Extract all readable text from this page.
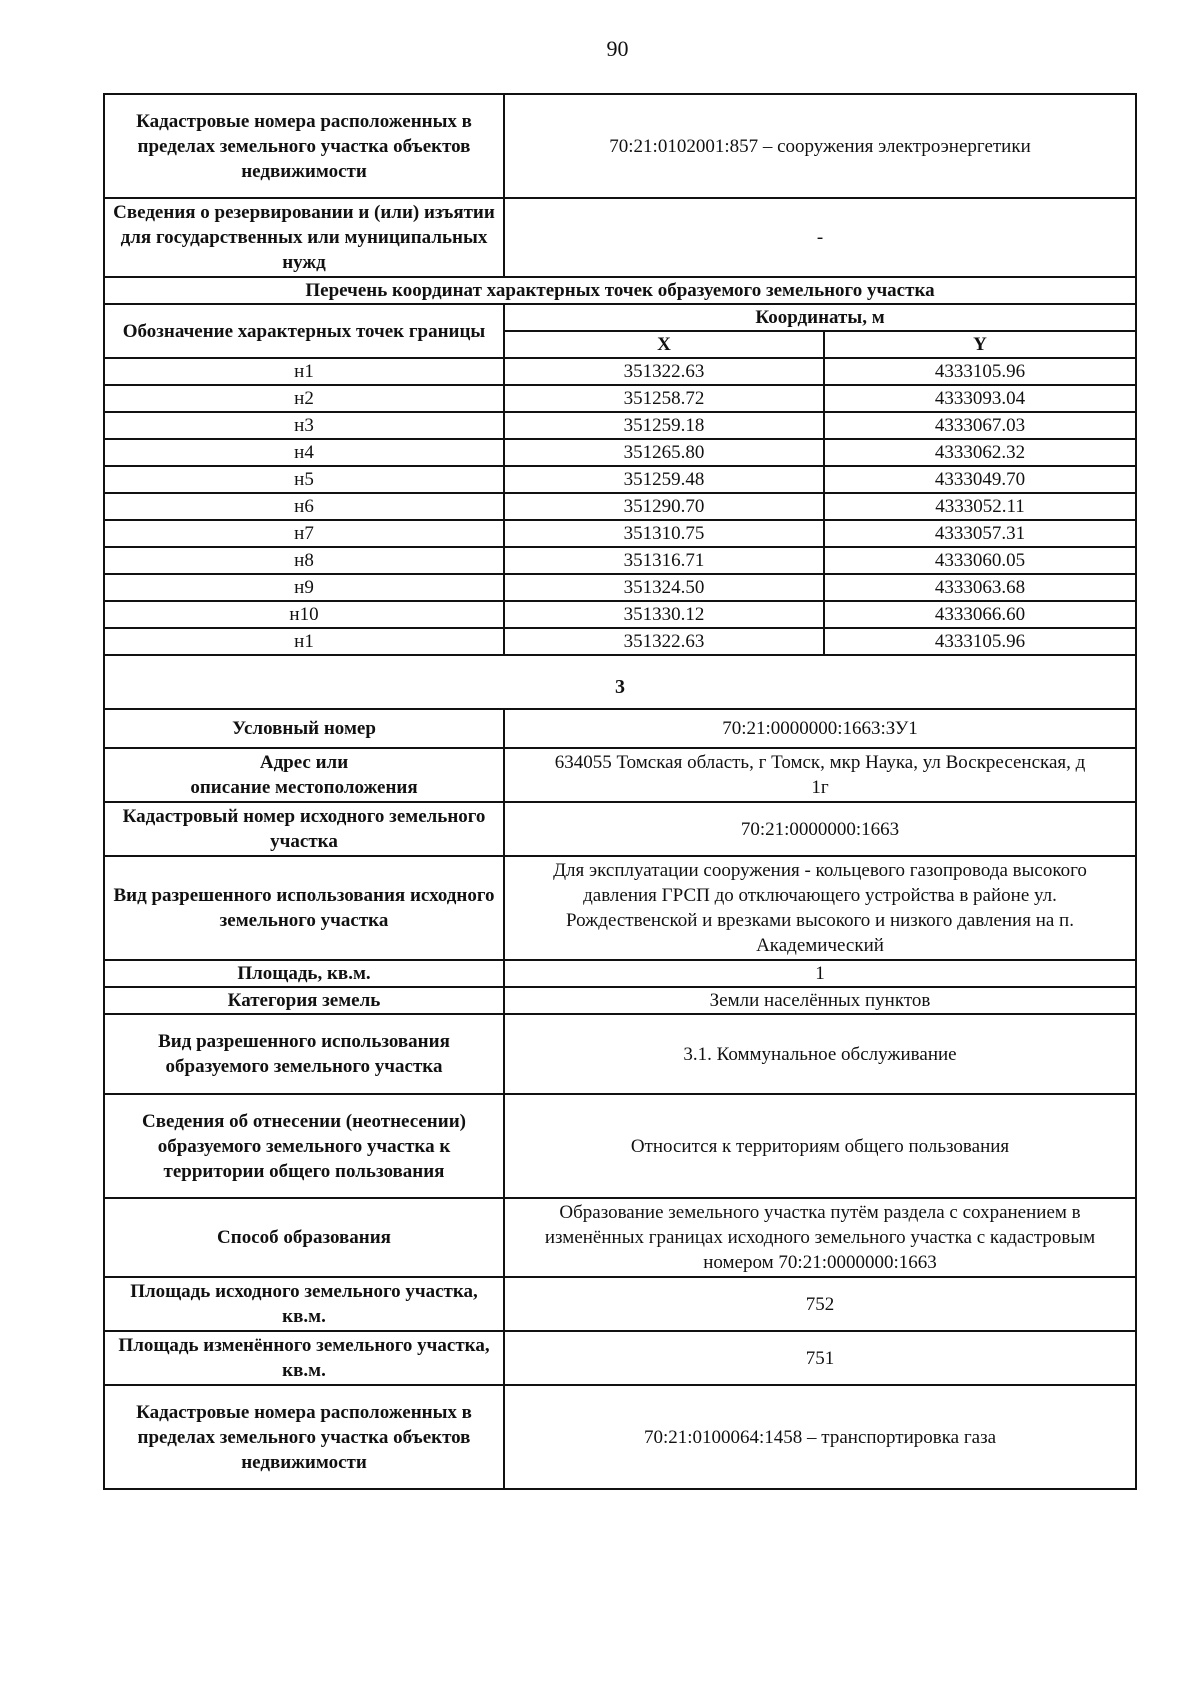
90
Кадастровые номера расположенных в пределах земельного участка объектов недвижимости	70:21:0102001:857 – сооружения электроэнергетики	
Сведения о резервировании и (или) изъятии для государственных или муниципальных нужд	-	
Перечень координат характерных точек образуемого земельного участка		
Обозначение характерных точек границы	Координаты, м	
	X	Y
н1	351322.63	4333105.96
н2	351258.72	4333093.04
н3	351259.18	4333067.03
н4	351265.80	4333062.32
н5	351259.48	4333049.70
н6	351290.70	4333052.11
н7	351310.75	4333057.31
н8	351316.71	4333060.05
н9	351324.50	4333063.68
н10	351330.12	4333066.60
н1	351322.63	4333105.96
3		
Условный номер	70:21:0000000:1663:ЗУ1	

Адрес или
описание местоположения	634055 Томская область, г Томск, мкр Наука, ул Воскресенская, д 1г	
Кадастровый номер исходного земельного участка	70:21:0000000:1663	
Вид разрешенного использования исходного земельного участка	Для эксплуатации сооружения - кольцевого газопровода высокого давления ГРСП до отключающего устройства в районе ул. Рождественской и врезками высокого и низкого давления на п. Академический	
Площадь, кв.м.	1	
Категория земель	Земли населённых пунктов	
Вид разрешенного использования образуемого земельного участка	3.1. Коммунальное обслуживание	
Сведения об отнесении (неотнесении) образуемого земельного участка к территории общего пользования	Относится к территориям общего пользования	
Способ образования	Образование земельного участка путём раздела с сохранением в изменённых границах исходного земельного участка с кадастровым номером 70:21:0000000:1663	
Площадь исходного земельного участка, кв.м.	752	
Площадь изменённого земельного участка, кв.м.	751	
Кадастровые номера расположенных в пределах земельного участка объектов недвижимости	70:21:0100064:1458 – транспортировка газа	
